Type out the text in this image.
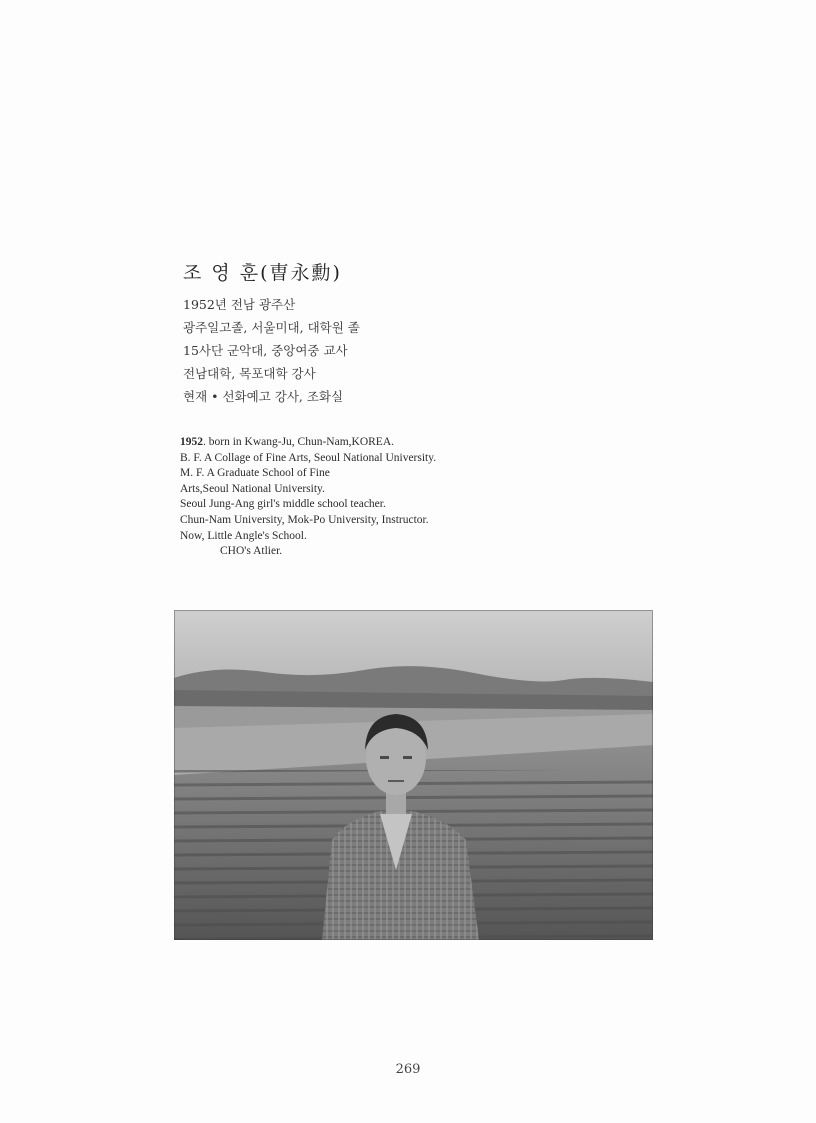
조 영 훈(曺永勳)
1952년 전남 광주산
광주일고졸, 서울미대, 대학원 졸
15사단 군악대, 중앙여중 교사
전남대학, 목포대학 강사
현재 • 선화예고 강사, 조화실
1952. born in Kwang-Ju, Chun-Nam,KOREA.
B. F. A Collage of Fine Arts, Seoul National University.
M. F. A Graduate School of Fine
Arts,Seoul National University.
Seoul Jung-Ang girl's middle school teacher.
Chun-Nam University, Mok-Po University, Instructor.
Now, Little Angle's School.
CHO's Atlier.
269
